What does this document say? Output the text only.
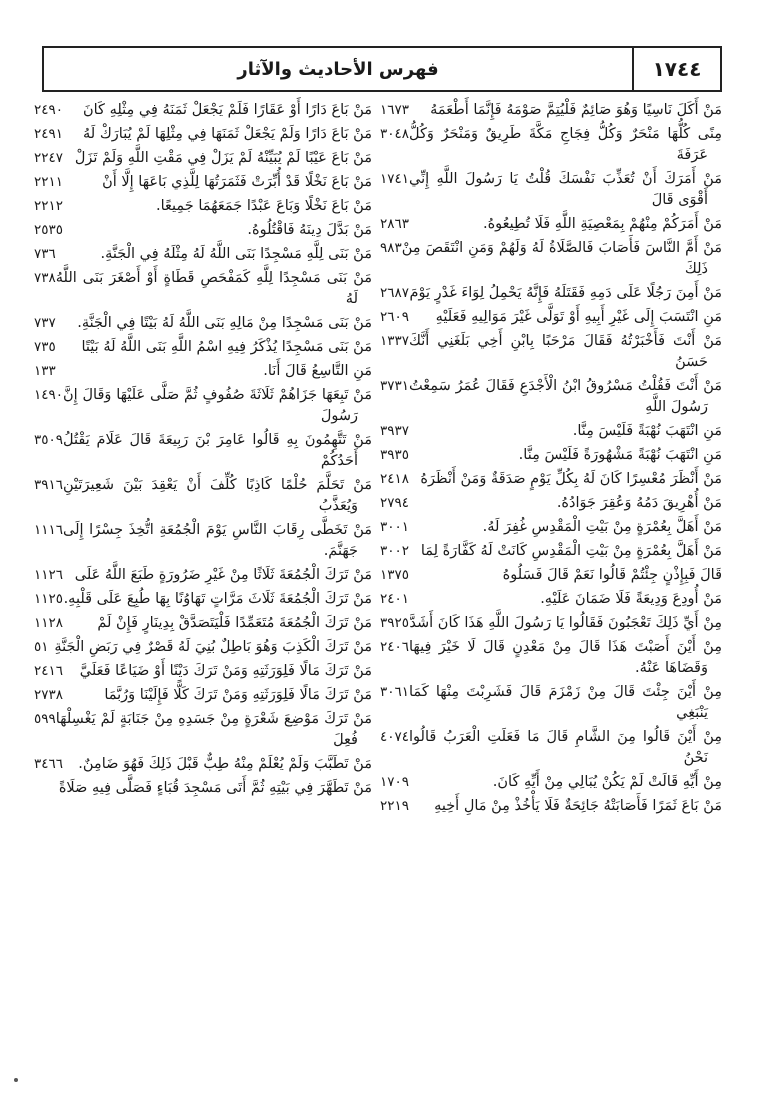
فهرس الأحاديث والآثار	١٧٤٤
١٦٧٣ مَنْ أَكَلَ نَاسِيًا وَهُوَ صَائِمٌ فَلْيُتِمَّ صَوْمَهُ فَإِنَّمَا أَطْعَمَهُ
٣٠٤٨ مِنًى كُلُّهَا مَنْحَرٌ وَكُلُّ فِجَاجِ مَكَّةَ طَرِيقٌ وَمَنْحَرٌ وَكُلُّ عَرَفَةَ
١٧٤١ مَنْ أَمَرَكَ أَنْ تُعَذِّبَ نَفْسَكَ قُلْتُ يَا رَسُولَ اللَّهِ إِنِّي أَقْوَى قَالَ
٢٨٦٣	مَنْ أَمَرَكُمْ مِنْهُمْ بِمَعْصِيَةِ اللَّهِ فَلَا تُطِيعُوهُ.
٩٨٣ مَنْ أَمَّ النَّاسَ فَأَصَابَ فَالصَّلَاةُ لَهُ وَلَهُمْ وَمَنِ انْتَقَصَ مِنْ ذَلِكَ
٢٦٨٧ مَنْ أَمِنَ رَجُلًا عَلَى دَمِهِ فَقَتَلَهُ فَإِنَّهُ يَحْمِلُ لِوَاءَ غَدْرٍ يَوْمَ
٢٦٠٩ مَنِ انْتَسَبَ إِلَى غَيْرِ أَبِيهِ أَوْ تَوَلَّى غَيْرَ مَوَالِيهِ فَعَلَيْهِ
١٣٣٧ مَنْ أَنْتَ فَأَخْبَرْتُهُ فَقَالَ مَرْحَبًا بِابْنِ أَخِي بَلَغَنِي أَنَّكَ حَسَنُ
٣٧٣١ مَنْ أَنْتَ فَقُلْتُ مَسْرُوقُ ابْنُ الْأَجْدَعِ فَقَالَ عُمَرُ سَمِعْتُ رَسُولَ اللَّهِ
٣٩٣٧	مَنِ انْتَهَبَ نُهْبَةً فَلَيْسَ مِنَّا.
٣٩٣٥	مَنِ انْتَهَبَ نُهْبَةً مَشْهُورَةً فَلَيْسَ مِنَّا.
٢٤١٨ مَنْ أَنْظَرَ مُعْسِرًا كَانَ لَهُ بِكُلِّ يَوْمٍ صَدَقَةٌ وَمَنْ أَنْظَرَهُ
٢٧٩٤	مَنْ أُهْرِيقَ دَمُهُ وَعُقِرَ جَوَادُهُ.
٣٠٠١	مَنْ أَهَلَّ بِعُمْرَةٍ مِنْ بَيْتِ الْمَقْدِسِ غُفِرَ لَهُ.
٣٠٠٢ مَنْ أَهَلَّ بِعُمْرَةٍ مِنْ بَيْتِ الْمَقْدِسِ كَانَتْ لَهُ كَفَّارَةً لِمَا
١٣٧٥	قَالَ فَبِإِذْنٍ جِئْتُمْ قَالُوا نَعَمْ قَالَ فَسَلُوهُ
٢٤٠١	مَنْ أُودِعَ وَدِيعَةً فَلَا ضَمَانَ عَلَيْهِ.
٣٩٢٥ مِنْ أَيِّ ذَلِكَ تَعْجَبُونَ فَقَالُوا يَا رَسُولَ اللَّهِ هَذَا كَانَ أَشَدَّ
٢٤٠٦ مِنْ أَيْنَ أَصَبْتَ هَذَا قَالَ مِنْ مَعْدِنٍ قَالَ لَا خَيْرَ فِيهَا وَقَضَاهَا عَنْهُ.
٣٠٦١ مِنْ أَيْنَ جِئْتَ قَالَ مِنْ زَمْزَمَ قَالَ فَشَرِبْتَ مِنْهَا كَمَا يَنْبَغِي
٤٠٧٤ مِنْ أَيْنَ قَالُوا مِنَ الشَّامِ قَالَ مَا فَعَلَتِ الْعَرَبُ قَالُوا نَحْنُ
١٧٠٩	مِنْ أَيِّهِ قَالَتْ لَمْ يَكُنْ يُبَالِي مِنْ أَيِّهِ كَانَ.
٢٢١٩ مَنْ بَاعَ ثَمَرًا فَأَصَابَتْهُ جَائِحَةٌ فَلَا يَأْخُذْ مِنْ مَالِ أَخِيهِ
٢٤٩٠ مَنْ بَاعَ دَارًا أَوْ عَقَارًا فَلَمْ يَجْعَلْ ثَمَنَهُ فِي مِثْلِهِ كَانَ
٢٤٩١ مَنْ بَاعَ دَارًا وَلَمْ يَجْعَلْ ثَمَنَهَا فِي مِثْلِهَا لَمْ يُبَارَكْ لَهُ
٢٢٤٧ مَنْ بَاعَ عَيْبًا لَمْ يُبَيِّنْهُ لَمْ يَزَلْ فِي مَقْتِ اللَّهِ وَلَمْ تَزَلْ
٢٢١١	مَنْ بَاعَ نَخْلًا قَدْ أُبِّرَتْ فَثَمَرَتُهَا لِلَّذِي بَاعَهَا إِلَّا أَنْ
٢٢١٢	مَنْ بَاعَ نَخْلًا وَبَاعَ عَبْدًا جَمَعَهُمَا جَمِيعًا.
٢٥٣٥	مَنْ بَدَّلَ دِينَهُ فَاقْتُلُوهُ.
٧٣٦	مَنْ بَنَى لِلَّهِ مَسْجِدًا بَنَى اللَّهُ لَهُ مِثْلَهُ فِي الْجَنَّةِ.
٧٣٨ مَنْ بَنَى مَسْجِدًا لِلَّهِ كَمَفْحَصِ قَطَاةٍ أَوْ أَصْغَرَ بَنَى اللَّهُ لَهُ
٧٣٧ مَنْ بَنَى مَسْجِدًا مِنْ مَالِهِ بَنَى اللَّهُ لَهُ بَيْتًا فِي الْجَنَّةِ.
٧٣٥ مَنْ بَنَى مَسْجِدًا يُذْكَرُ فِيهِ اسْمُ اللَّهِ بَنَى اللَّهُ لَهُ بَيْتًا
١٣٣	مَنِ التَّاسِعُ قَالَ أَنَا.
١٤٩٠ مَنْ تَبِعَهَا جَزَاهُمْ ثَلَاثَةَ صُفُوفٍ ثُمَّ صَلَّى عَلَيْهَا وَقَالَ إِنَّ رَسُولَ
٣٥٠٩ مَنْ تَتَّهِمُونَ بِهِ قَالُوا عَامِرَ بْنَ رَبِيعَةَ قَالَ عَلَامَ يَقْتُلُ أَحَدُكُمْ
٣٩١٦ مَنْ تَحَلَّمَ حُلْمًا كَاذِبًا كُلِّفَ أَنْ يَعْقِدَ بَيْنَ شَعِيرَتَيْنِ وَيُعَذَّبُ
١١١٦ مَنْ تَخَطَّى رِقَابَ النَّاسِ يَوْمَ الْجُمُعَةِ اتُّخِذَ جِسْرًا إِلَى جَهَنَّمَ.
١١٢٦ مَنْ تَرَكَ الْجُمُعَةَ ثَلَاثًا مِنْ غَيْرِ ضَرُورَةٍ طَبَعَ اللَّهُ عَلَى
١١٢٥ مَنْ تَرَكَ الْجُمُعَةَ ثَلَاثَ مَرَّاتٍ تَهَاوُنًا بِهَا طُبِعَ عَلَى قَلْبِهِ.
١١٢٨ مَنْ تَرَكَ الْجُمُعَةَ مُتَعَمِّدًا فَلْيَتَصَدَّقْ بِدِينَارٍ فَإِنْ لَمْ
٥١ مَنْ تَرَكَ الْكَذِبَ وَهُوَ بَاطِلٌ بُنِيَ لَهُ قَصْرٌ فِي رَبَضِ الْجَنَّةِ
٢٤١٦ مَنْ تَرَكَ مَالًا فَلِوَرَثَتِهِ وَمَنْ تَرَكَ دَيْنًا أَوْ ضَيَاعًا فَعَلَيَّ
٢٧٣٨	مَنْ تَرَكَ مَالًا فَلِوَرَثَتِهِ وَمَنْ تَرَكَ كَلًّا فَإِلَيْنَا وَرُبَّمَا
٥٩٩ مَنْ تَرَكَ مَوْضِعَ شَعْرَةٍ مِنْ جَسَدِهِ مِنْ جَنَابَةٍ لَمْ يَغْسِلْهَا فُعِلَ
٣٤٦٦ مَنْ تَطَبَّبَ وَلَمْ يُعْلَمْ مِنْهُ طِبٌّ قَبْلَ ذَلِكَ فَهُوَ ضَامِنٌ.
مَنْ تَطَهَّرَ فِي بَيْتِهِ ثُمَّ أَتَى مَسْجِدَ قُبَاءٍ فَصَلَّى فِيهِ صَلَاةً
